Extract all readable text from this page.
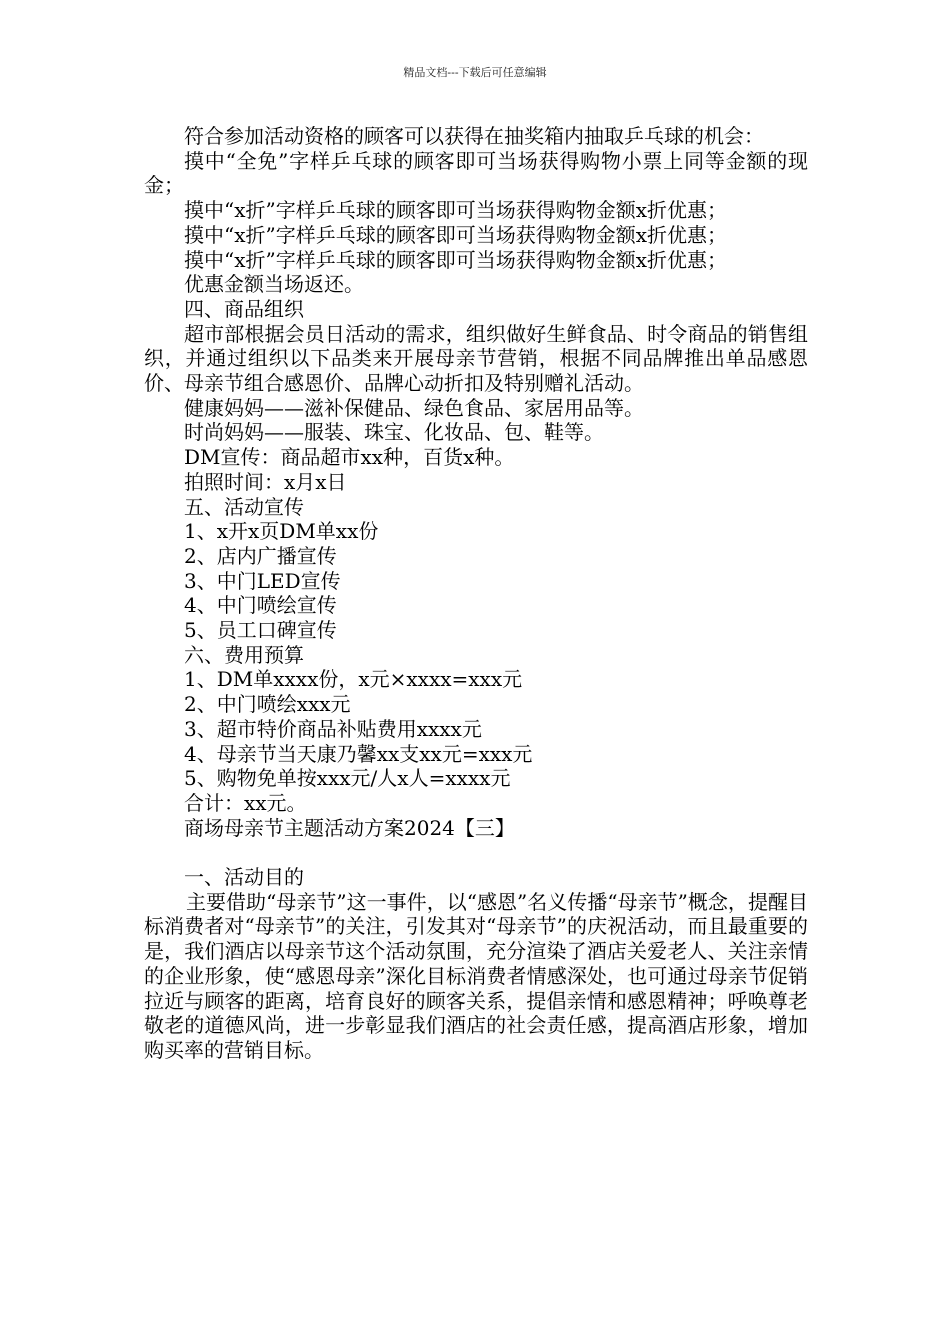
精品文档---下载后可任意编辑

符合参加活动资格的顾客可以获得在抽奖箱内抽取乒乓球的机会：

摸中“全免”字样乒乓球的顾客即可当场获得购物小票上同等金额的现金；

摸中“x折”字样乒乓球的顾客即可当场获得购物金额x折优惠；

摸中“x折”字样乒乓球的顾客即可当场获得购物金额x折优惠；

摸中“x折”字样乒乓球的顾客即可当场获得购物金额x折优惠；

优惠金额当场返还。

四、商品组织

超市部根据会员日活动的需求，组织做好生鲜食品、时令商品的销售组织，并通过组织以下品类来开展母亲节营销，根据不同品牌推出单品感恩价、母亲节组合感恩价、品牌心动折扣及特别赠礼活动。

健康妈妈——滋补保健品、绿色食品、家居用品等。

时尚妈妈——服装、珠宝、化妆品、包、鞋等。

DM宣传：商品超市xx种，百货x种。

拍照时间：x月x日

五、活动宣传

1、x开x页DM单xx份

2、店内广播宣传

3、中门LED宣传

4、中门喷绘宣传

5、员工口碑宣传

六、费用预算

1、DM单xxxx份，x元×xxxx=xxx元

2、中门喷绘xxx元

3、超市特价商品补贴费用xxxx元

4、母亲节当天康乃馨xx支xx元=xxx元

5、购物免单按xxx元/人x人=xxxx元

合计：xx元。

商场母亲节主题活动方案2024【三】

一、活动目的

主要借助“母亲节”这一事件，以“感恩”名义传播“母亲节”概念，提醒目标消费者对“母亲节”的关注，引发其对“母亲节”的庆祝活动，而且最重要的是，我们酒店以母亲节这个活动氛围，充分渲染了酒店关爱老人、关注亲情的企业形象，使“感恩母亲”深化目标消费者情感深处，也可通过母亲节促销拉近与顾客的距离，培育良好的顾客关系，提倡亲情和感恩精神；呼唤尊老敬老的道德风尚，进一步彰显我们酒店的社会责任感，提高酒店形象，增加购买率的营销目标。
